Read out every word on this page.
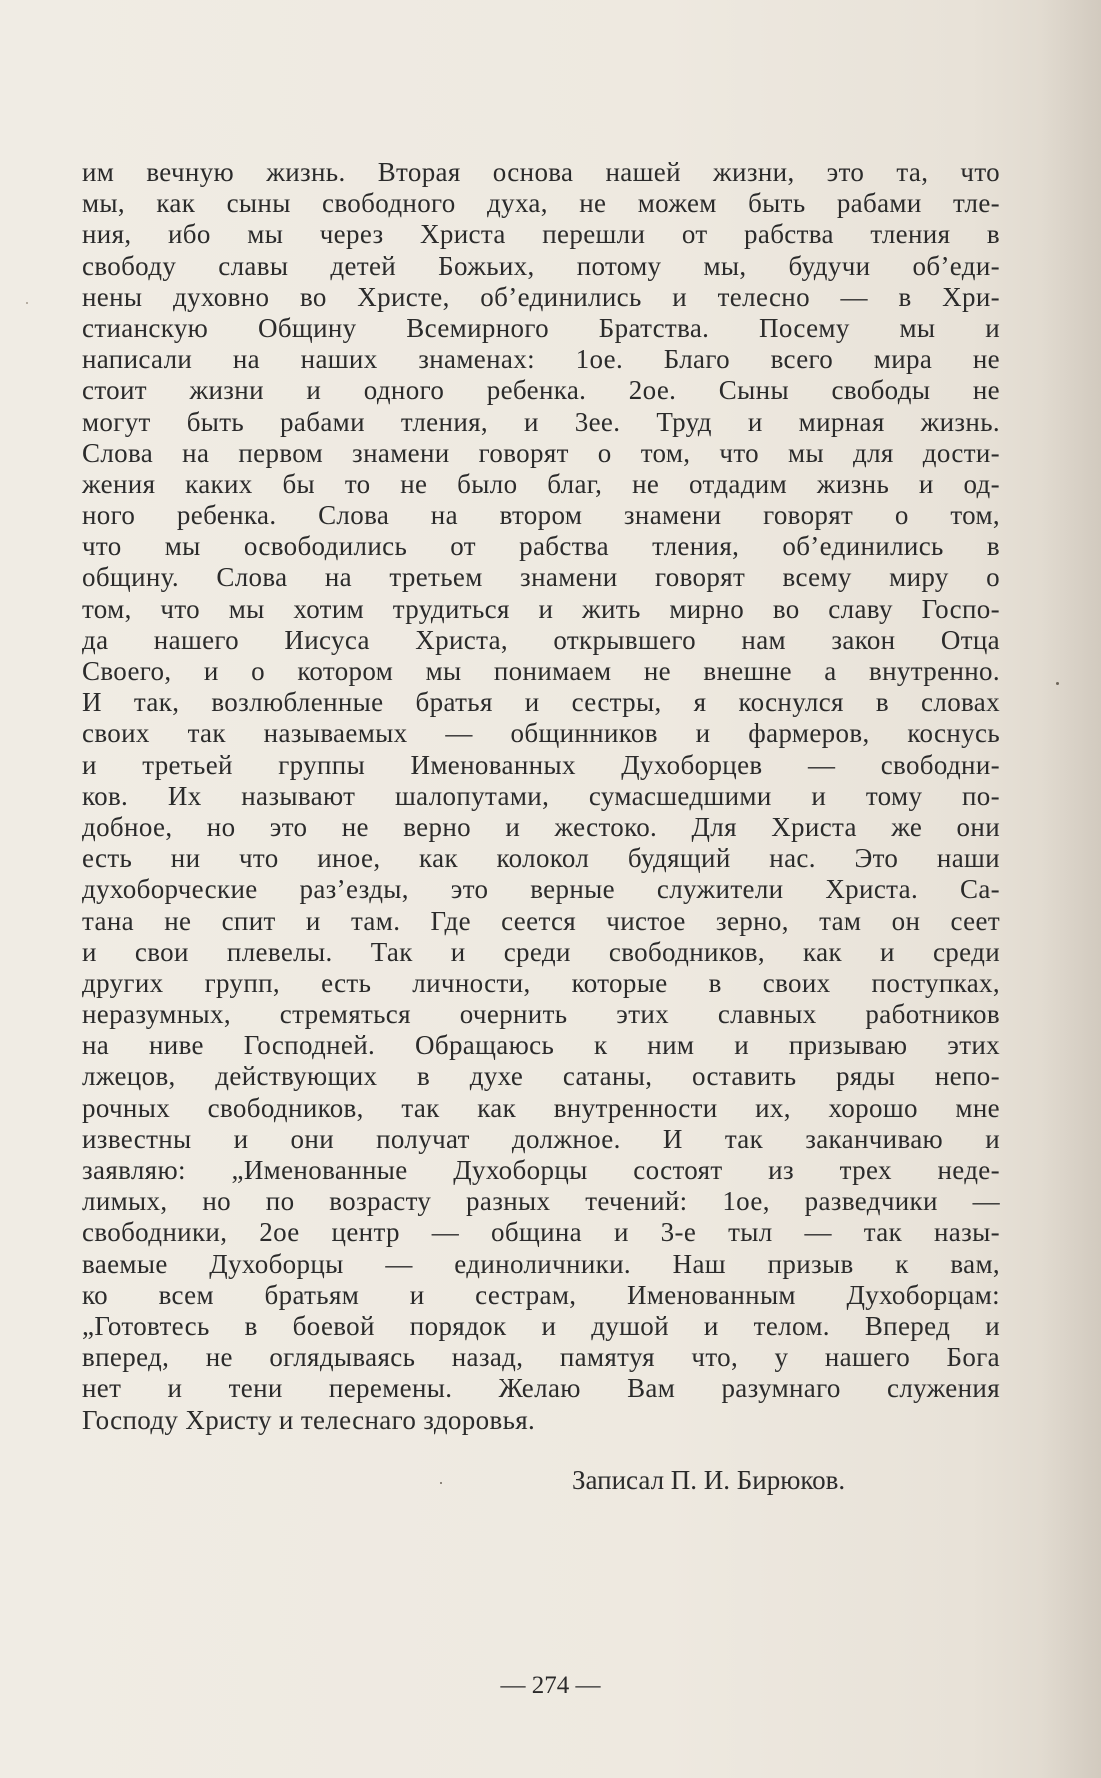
им вечную жизнь. Вторая основа нашей жизни, это та, что
мы, как сыны свободного духа, не можем быть рабами тле-
ния, ибо мы через Христа перешли от рабства тления в
свободу славы детей Божьих, потому мы, будучи об’еди-
нены духовно во Христе, об’единились и телесно — в Хри-
стианскую Общину Всемирного Братства. Посему мы и
написали на наших знаменах: 1ое. Благо всего мира не
стоит жизни и одного ребенка. 2ое. Сыны свободы не
могут быть рабами тления, и 3ее. Труд и мирная жизнь.
Слова на первом знамени говорят о том, что мы для дости-
жения каких бы то не было благ, не отдадим жизнь и од-
ного ребенка. Слова на втором знамени говорят о том,
что мы освободились от рабства тления, об’единились в
общину. Слова на третьем знамени говорят всему миру о
том, что мы хотим трудиться и жить мирно во славу Госпо-
да нашего Иисуса Христа, открывшего нам закон Отца
Своего, и о котором мы понимаем не внешне а внутренно.
И так, возлюбленные братья и сестры, я коснулся в словах
своих так называемых — общинников и фармеров, коснусь
и третьей группы Именованных Духоборцев — свободни-
ков. Их называют шалопутами, сумасшедшими и тому по-
добное, но это не верно и жестоко. Для Христа же они
есть ни что иное, как колокол будящий нас. Это наши
духоборческие раз’езды, это верные служители Христа. Са-
тана не спит и там. Где сеется чистое зерно, там он сеет
и свои плевелы. Так и среди свободников, как и среди
других групп, есть личности, которые в своих поступках,
неразумных, стремяться очернить этих славных работников
на ниве Господней. Обращаюсь к ним и призываю этих
лжецов, действующих в духе сатаны, оставить ряды непо-
рочных свободников, так как внутренности их, хорошо мне
известны и они получат должное. И так заканчиваю и
заявляю: „Именованные Духоборцы состоят из трех неде-
лимых, но по возрасту разных течений: 1ое, разведчики —
свободники, 2ое центр — община и 3-е тыл — так назы-
ваемые Духоборцы — единоличники. Наш призыв к вам,
ко всем братьям и сестрам, Именованным Духоборцам:
„Готовтесь в боевой порядок и душой и телом. Вперед и
вперед, не оглядываясь назад, памятуя что, у нашего Бога
нет и тени перемены. Желаю Вам разумнаго служения
Господу Христу и телеснаго здоровья.
Записал П. И. Бирюков.
— 274 —
